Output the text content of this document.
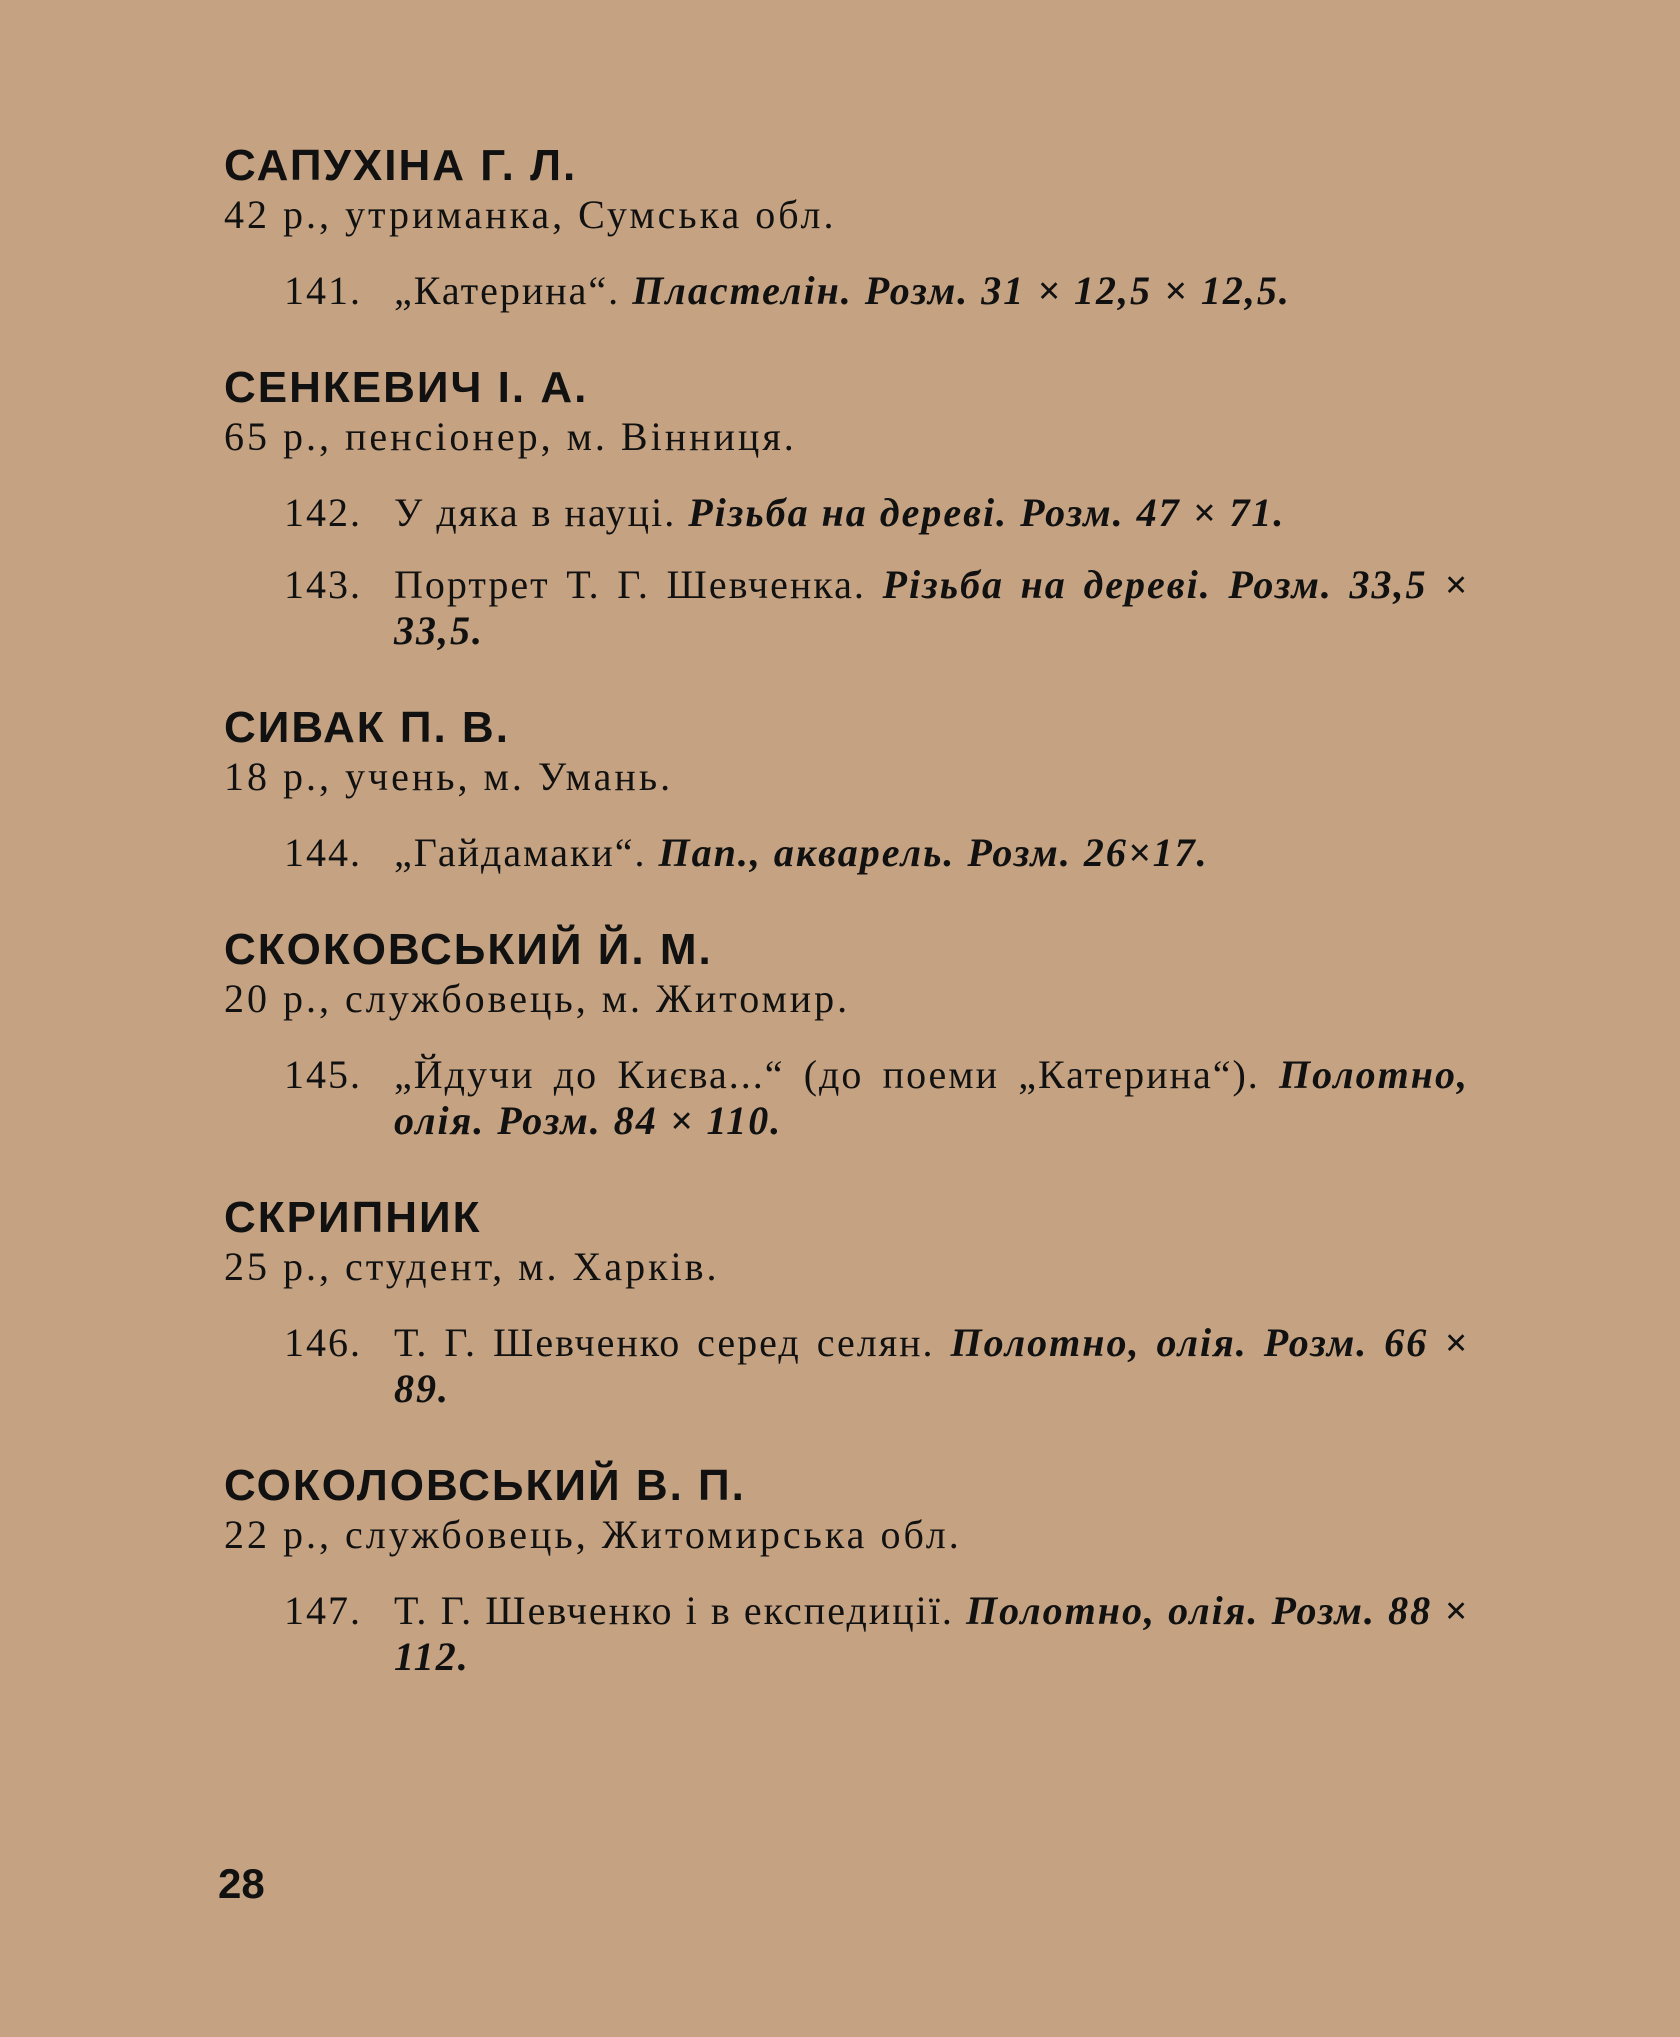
САПУХІНА Г. Л.
42 р., утриманка, Сумська обл.
141. „Катерина“. Пластелін. Розм. 31 × 12,5 × 12,5.
СЕНКЕВИЧ І. А.
65 р., пенсіонер, м. Вінниця.
142. У дяка в науці. Різьба на дереві. Розм. 47 × 71.
143. Портрет Т. Г. Шевченка. Різьба на дереві. Розм. 33,5 × 33,5.
СИВАК П. В.
18 р., учень, м. Умань.
144. „Гайдамаки“. Пап., акварель. Розм. 26×17.
СКОКОВСЬКИЙ Й. М.
20 р., службовець, м. Житомир.
145. „Йдучи до Києва...“ (до поеми „Катерина“). Полотно, олія. Розм. 84 × 110.
СКРИПНИК
25 р., студент, м. Харків.
146. Т. Г. Шевченко серед селян. Полотно, олія. Розм. 66 × 89.
СОКОЛОВСЬКИЙ В. П.
22 р., службовець, Житомирська обл.
147. Т. Г. Шевченко і в експедиції. Полотно, олія. Розм. 88 × 112.
28
